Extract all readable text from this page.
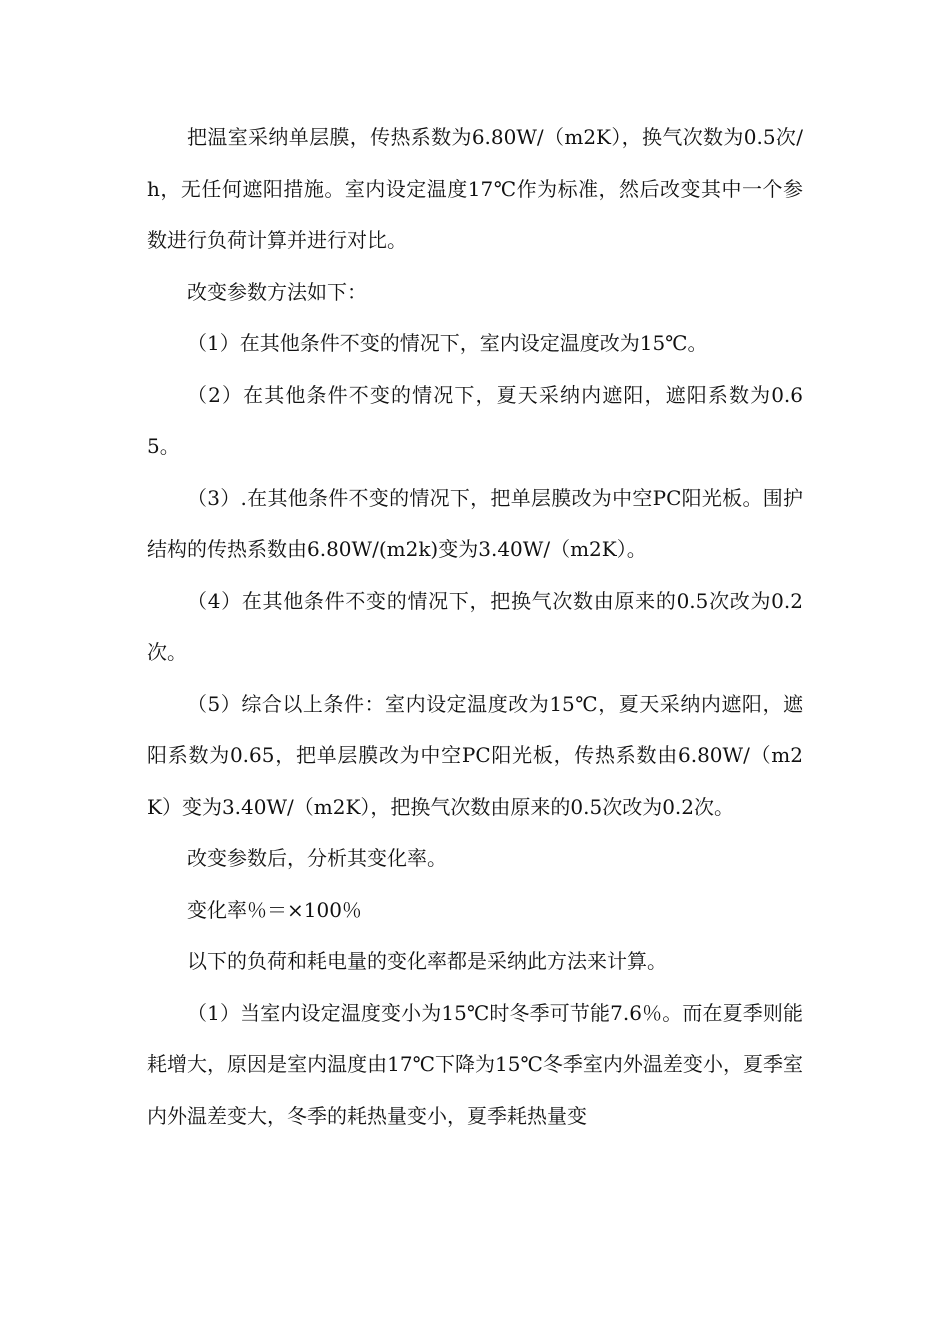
把温室采纳单层膜，传热系数为6.80W/（m2K），换气次数为0.5次/h，无任何遮阳措施。室内设定温度17℃作为标准，然后改变其中一个参数进行负荷计算并进行对比。

改变参数方法如下：

（1）在其他条件不变的情况下，室内设定温度改为15℃。

（2）在其他条件不变的情况下，夏天采纳内遮阳，遮阳系数为0.65。

（3）.在其他条件不变的情况下，把单层膜改为中空PC阳光板。围护结构的传热系数由6.80W/(m2k)变为3.40W/（m2K）。

（4）在其他条件不变的情况下，把换气次数由原来的0.5次改为0.2次。

（5）综合以上条件：室内设定温度改为15℃，夏天采纳内遮阳，遮阳系数为0.65，把单层膜改为中空PC阳光板，传热系数由6.80W/（m2K）变为3.40W/（m2K），把换气次数由原来的0.5次改为0.2次。

改变参数后，分析其变化率。

变化率％＝×100％

以下的负荷和耗电量的变化率都是采纳此方法来计算。

（1）当室内设定温度变小为15℃时冬季可节能7.6％。而在夏季则能耗增大，原因是室内温度由17℃下降为15℃冬季室内外温差变小，夏季室内外温差变大，冬季的耗热量变小，夏季耗热量变
